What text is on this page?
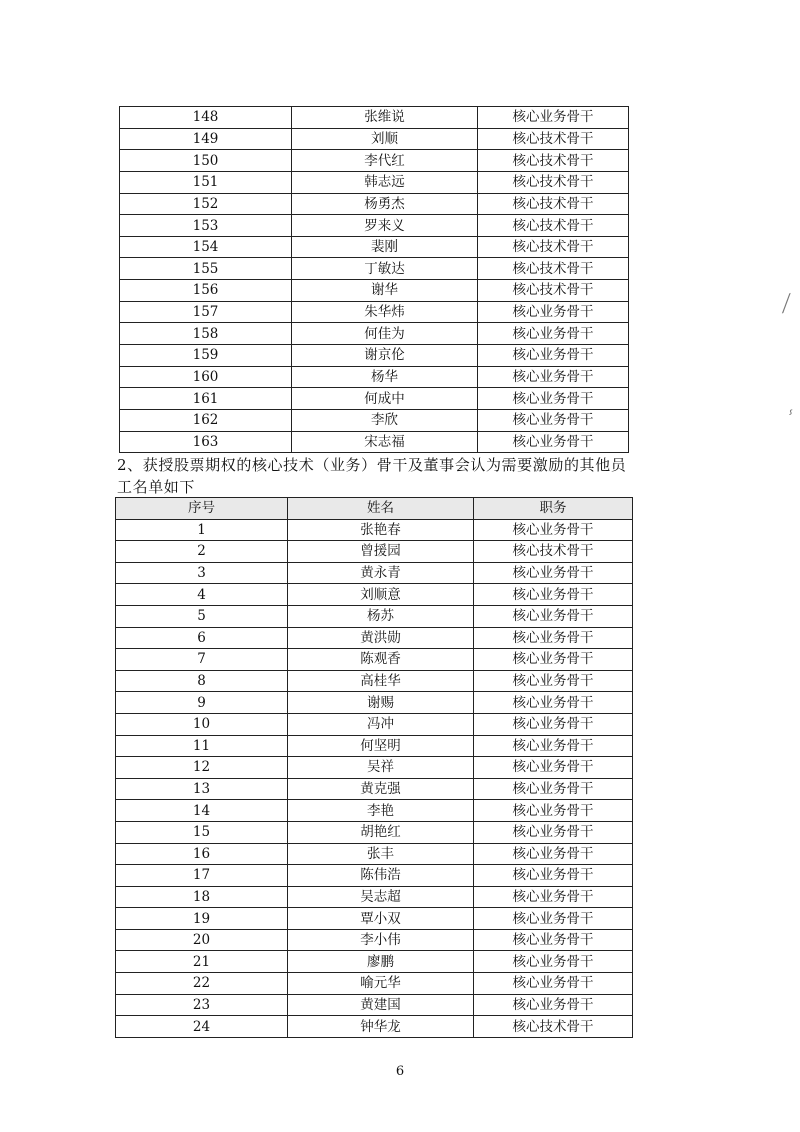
148	张维说	核心业务骨干
149	刘顺	核心技术骨干
150	李代红	核心技术骨干
151	韩志远	核心技术骨干
152	杨勇杰	核心技术骨干
153	罗来义	核心技术骨干
154	裴刚	核心技术骨干
155	丁敏达	核心技术骨干
156	谢华	核心技术骨干
157	朱华炜	核心业务骨干
158	何佳为	核心业务骨干
159	谢京伦	核心业务骨干
160	杨华	核心业务骨干
161	何成中	核心业务骨干
162	李欣	核心业务骨干
163	宋志福	核心业务骨干
2、获授股票期权的核心技术（业务）骨干及董事会认为需要激励的其他员工名单如下
序号	姓名	职务
1	张艳春	核心业务骨干
2	曾援园	核心技术骨干
3	黄永青	核心业务骨干
4	刘顺意	核心业务骨干
5	杨苏	核心业务骨干
6	黄洪勋	核心业务骨干
7	陈观香	核心业务骨干
8	高桂华	核心业务骨干
9	谢赐	核心业务骨干
10	冯冲	核心业务骨干
11	何坚明	核心业务骨干
12	吴祥	核心业务骨干
13	黄克强	核心业务骨干
14	李艳	核心业务骨干
15	胡艳红	核心业务骨干
16	张丰	核心业务骨干
17	陈伟浩	核心业务骨干
18	吴志超	核心业务骨干
19	覃小双	核心业务骨干
20	李小伟	核心业务骨干
21	廖鹏	核心业务骨干
22	喻元华	核心业务骨干
23	黄建国	核心业务骨干
24	钟华龙	核心技术骨干
6
⟋
ⸯ
